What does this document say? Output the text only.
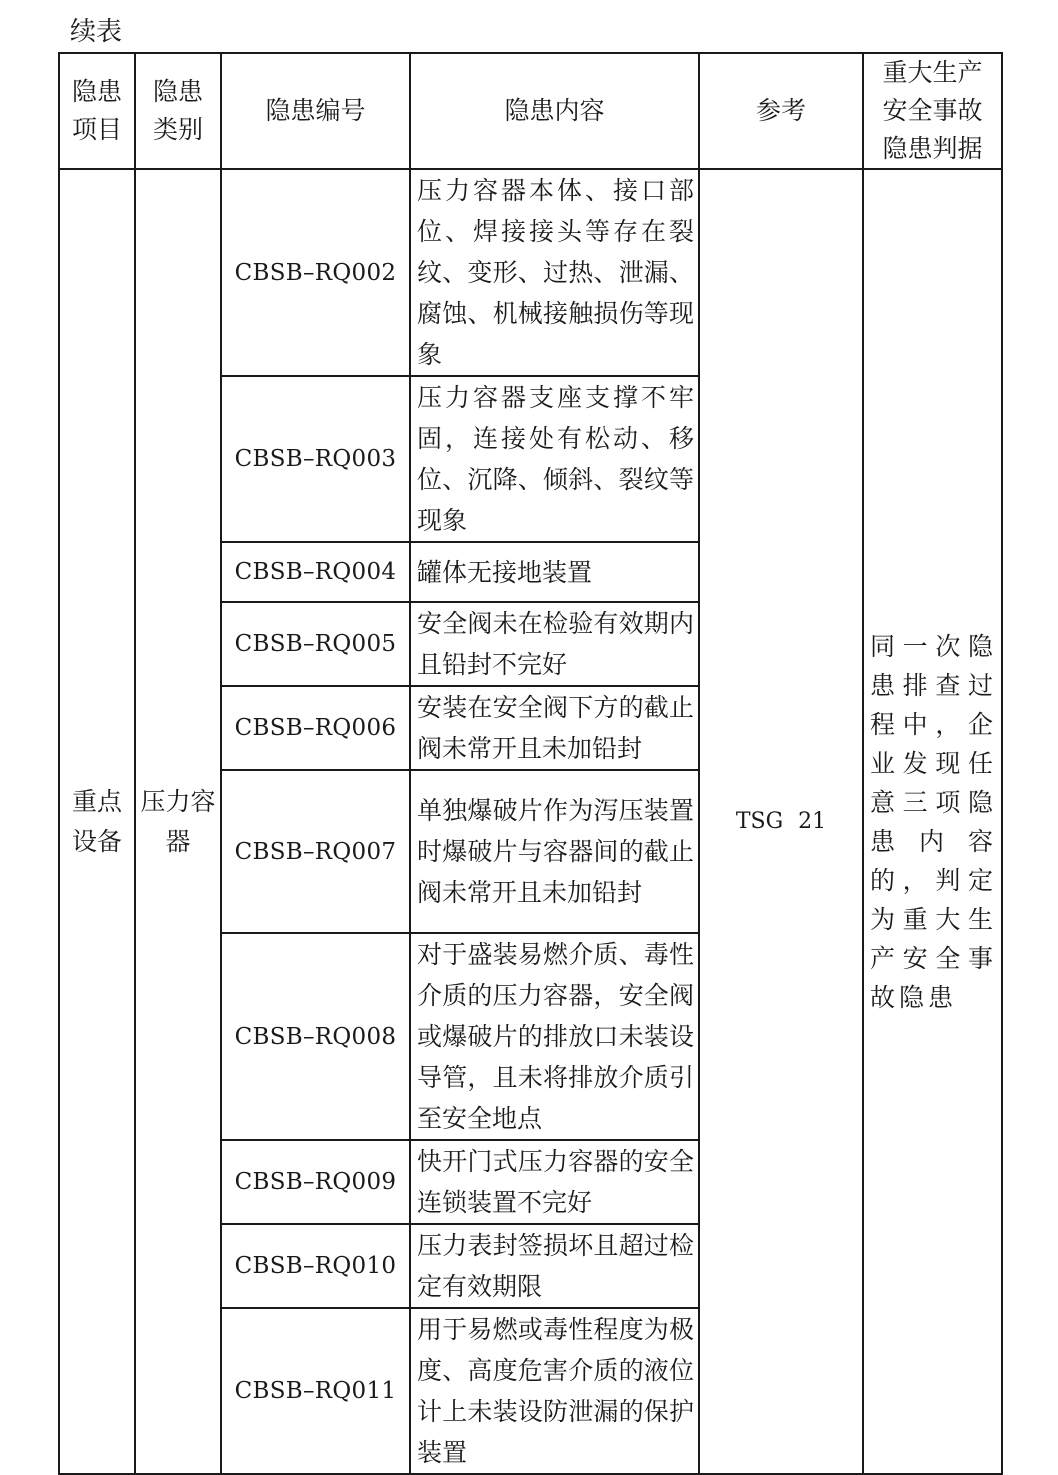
续表
隐患项目	隐患类别	隐患编号	隐患内容	参考	重大生产安全事故隐患判据
重点设备	压力容器	CBSB–RQ002	压力容器本体、接口部位、焊接接头等存在裂纹、变形、过热、泄漏、腐蚀、机械接触损伤等现象	TSG 21	同一次隐患排查过程中，企业发现任意三项隐患内容的，判定为重大生产安全事故隐患
		CBSB–RQ003	压力容器支座支撑不牢固，连接处有松动、移位、沉降、倾斜、裂纹等现象		
		CBSB–RQ004	罐体无接地装置		
		CBSB–RQ005	安全阀未在检验有效期内且铅封不完好		
		CBSB–RQ006	安装在安全阀下方的截止阀未常开且未加铅封		
		CBSB–RQ007	单独爆破片作为泻压装置时爆破片与容器间的截止阀未常开且未加铅封		
		CBSB–RQ008	对于盛装易燃介质、毒性介质的压力容器，安全阀或爆破片的排放口未装设导管，且未将排放介质引至安全地点		
		CBSB–RQ009	快开门式压力容器的安全连锁装置不完好		
		CBSB–RQ010	压力表封签损坏且超过检定有效期限		
		CBSB–RQ011	用于易燃或毒性程度为极度、高度危害介质的液位计上未装设防泄漏的保护装置		
